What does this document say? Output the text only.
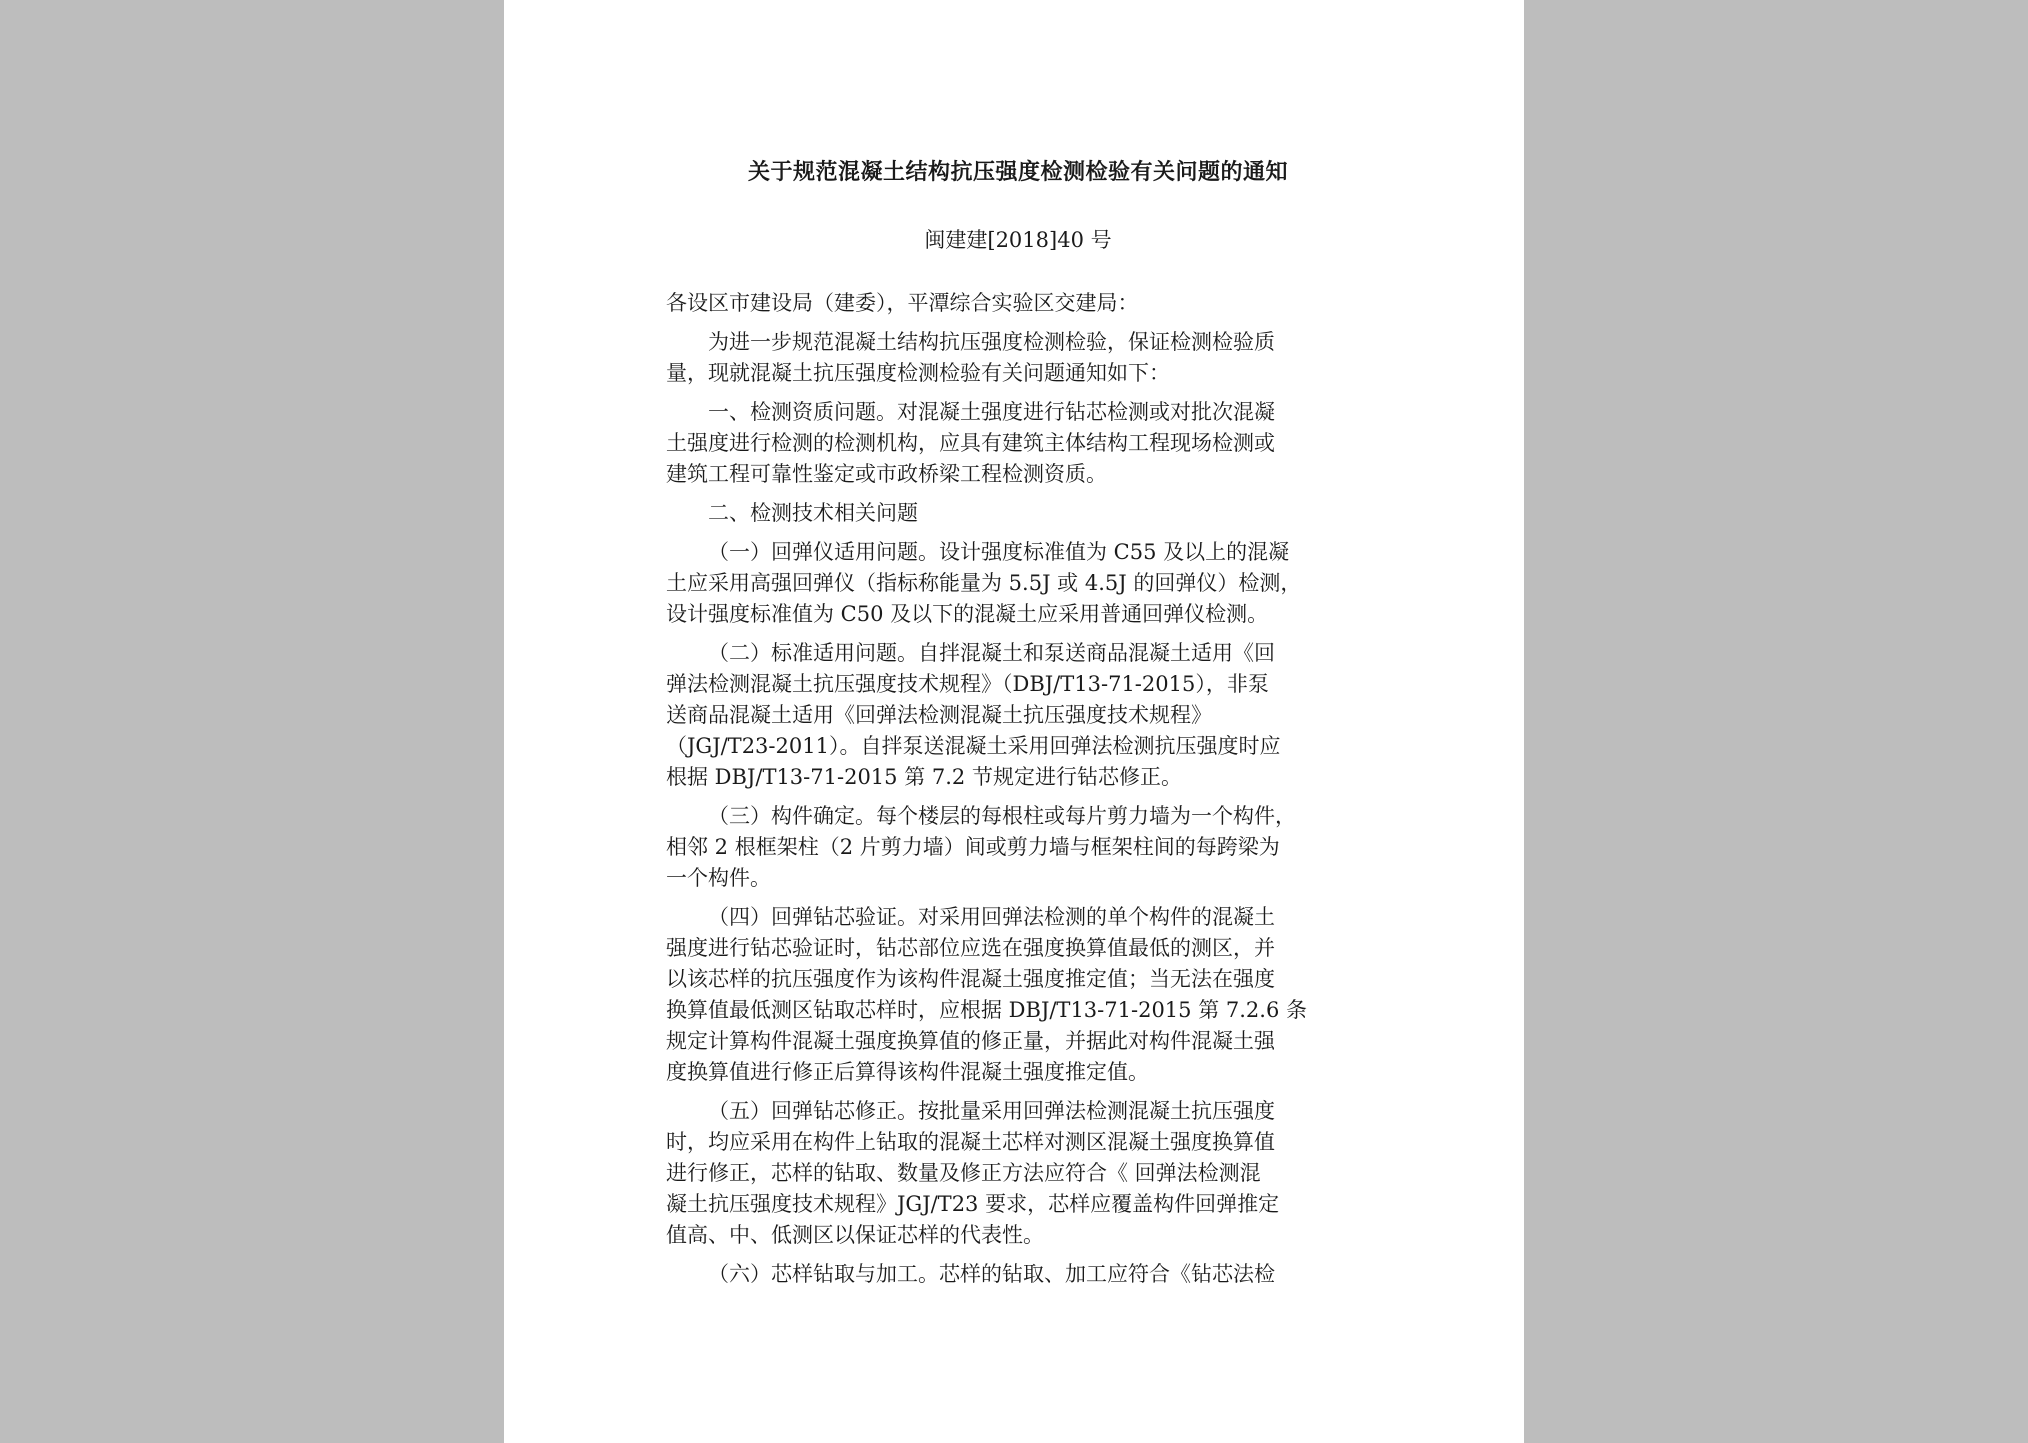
关于规范混凝土结构抗压强度检测检验有关问题的通知
闽建建[2018]40 号
各设区市建设局（建委），平潭综合实验区交建局：
为进一步规范混凝土结构抗压强度检测检验，保证检测检验质
量，现就混凝土抗压强度检测检验有关问题通知如下：
一、检测资质问题。对混凝土强度进行钻芯检测或对批次混凝
土强度进行检测的检测机构，应具有建筑主体结构工程现场检测或
建筑工程可靠性鉴定或市政桥梁工程检测资质。
二、检测技术相关问题
（一）回弹仪适用问题。设计强度标准值为 C55 及以上的混凝
土应采用高强回弹仪（指标称能量为 5.5J 或 4.5J 的回弹仪）检测，
设计强度标准值为 C50 及以下的混凝土应采用普通回弹仪检测。
（二）标准适用问题。自拌混凝土和泵送商品混凝土适用《回
弹法检测混凝土抗压强度技术规程》（DBJ/T13-71-2015），非泵
送商品混凝土适用《回弹法检测混凝土抗压强度技术规程》
（JGJ/T23-2011）。自拌泵送混凝土采用回弹法检测抗压强度时应
根据 DBJ/T13-71-2015 第 7.2 节规定进行钻芯修正。
（三）构件确定。每个楼层的每根柱或每片剪力墙为一个构件，
相邻 2 根框架柱（2 片剪力墙）间或剪力墙与框架柱间的每跨梁为
一个构件。
（四）回弹钻芯验证。对采用回弹法检测的单个构件的混凝土
强度进行钻芯验证时，钻芯部位应选在强度换算值最低的测区，并
以该芯样的抗压强度作为该构件混凝土强度推定值；当无法在强度
换算值最低测区钻取芯样时，应根据 DBJ/T13-71-2015 第 7.2.6 条
规定计算构件混凝土强度换算值的修正量，并据此对构件混凝土强
度换算值进行修正后算得该构件混凝土强度推定值。
（五）回弹钻芯修正。按批量采用回弹法检测混凝土抗压强度
时，均应采用在构件上钻取的混凝土芯样对测区混凝土强度换算值
进行修正，芯样的钻取、数量及修正方法应符合《 回弹法检测混
凝土抗压强度技术规程》JGJ/T23 要求，芯样应覆盖构件回弹推定
值高、中、低测区以保证芯样的代表性。
（六）芯样钻取与加工。芯样的钻取、加工应符合《钻芯法检
